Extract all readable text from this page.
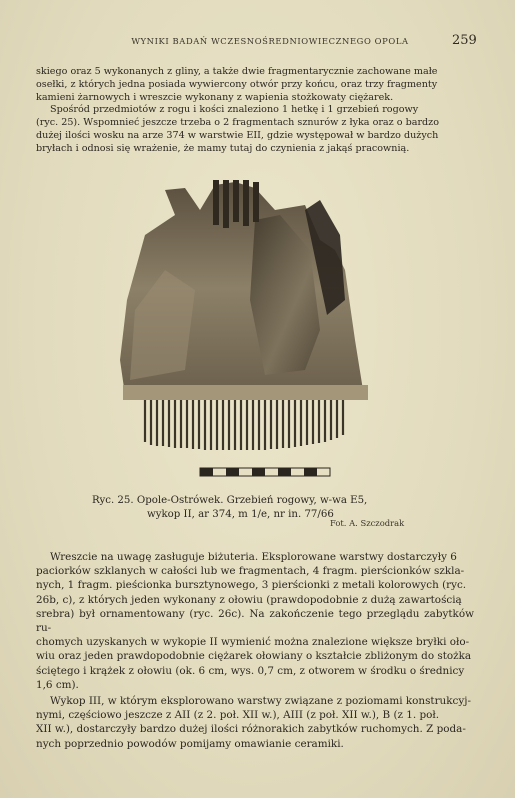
WYNIKI BADAŃ WCZESNOŚREDNIOWIECZNEGO OPOLA	259
skiego oraz 5 wykonanych z gliny, a także dwie fragmentarycznie zachowane małe
osełki, z których jedna posiada wywiercony otwór przy końcu, oraz trzy fragmenty
kamieni żarnowych i wreszcie wykonany z wapienia stożkowaty ciężarek.
Spośród przedmiotów z rogu i kości znaleziono 1 hetkę i 1 grzebień rogowy
(ryc. 25). Wspomnieć jeszcze trzeba o 2 fragmentach sznurów z łyka oraz o bardzo
dużej ilości wosku na arze 374 w warstwie EII, gdzie występował w bardzo dużych
bryłach i odnosi się wrażenie, że mamy tutaj do czynienia z jakąś pracownią.
Ryc. 25. Opole-Ostrówek. Grzebień rogowy, w-wa E5,
wykop II, ar 374, m 1/e, nr in. 77/66
Fot. A. Szczodrak
Wreszcie na uwagę zasługuje biżuteria. Eksplorowane warstwy dostarczyły 6
paciorków szklanych w całości lub we fragmentach, 4 fragm. pierścionków szkla-
nych, 1 fragm. pieścionka bursztynowego, 3 pierścionki z metali kolorowych (ryc.
26b, c), z których jeden wykonany z ołowiu (prawdopodobnie z dużą zawartością
srebra) był ornamentowany (ryc. 26c). Na zakończenie tego przeglądu zabytków ru-
chomych uzyskanych w wykopie II wymienić można znalezione większe bryłki oło-
wiu oraz jeden prawdopodobnie ciężarek ołowiany o kształcie zbliżonym do stożka
ściętego i krążek z ołowiu (ok. 6 cm, wys. 0,7 cm, z otworem w środku o średnicy
1,6 cm).
Wykop III, w którym eksplorowano warstwy związane z poziomami konstrukcyj-
nymi, częściowo jeszcze z AII (z 2. poł. XII w.), AIII (z poł. XII w.), B (z 1. poł.
XII w.), dostarczyły bardzo dużej ilości różnorakich zabytków ruchomych. Z poda-
nych poprzednio powodów pomijamy omawianie ceramiki.
